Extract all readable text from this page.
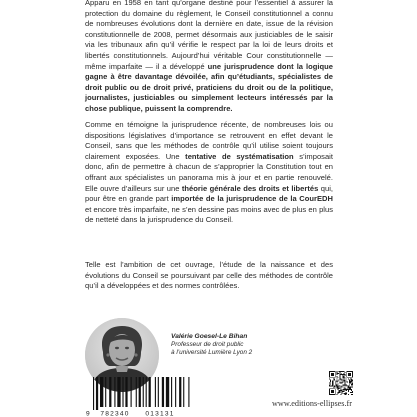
Apparu en 1958 en tant qu’organe destiné pour l’essentiel à assurer la protection du domaine du règlement, le Conseil constitutionnel a connu de nombreuses évolutions dont la dernière en date, issue de la révision constitutionnelle de 2008, permet désormais aux justiciables de le saisir via les tribunaux afin qu’il vérifie le respect par la loi de leurs droits et libertés constitutionnels. Aujourd’hui véritable Cour constitutionnelle — même imparfaite — il a développé une jurisprudence dont la logique gagne à être davantage dévoilée, afin qu’étudiants, spécialistes de droit public ou de droit privé, praticiens du droit ou de la politique, journalistes, justiciables ou simplement lecteurs intéressés par la chose publique, puissent la comprendre.

Comme en témoigne la jurisprudence récente, de nombreuses lois ou dispositions législatives d’importance se retrouvent en effet devant le Conseil, sans que les méthodes de contrôle qu’il utilise soient toujours clairement exposées. Une tentative de systématisation s’imposait donc, afin de permettre à chacun de s’approprier la Constitution tout en offrant aux spécialistes un panorama mis à jour et en partie renouvelé. Elle ouvre d’ailleurs sur une théorie générale des droits et libertés qui, pour être en grande part importée de la jurisprudence de la CourEDH et encore très imparfaite, ne s’en dessine pas moins avec de plus en plus de netteté dans la jurisprudence du Conseil.

Telle est l’ambition de cet ouvrage, l’étude de la naissance et des évolutions du Conseil se poursuivant par celle des méthodes de contrôle qu’il a développées et des normes contrôlées.

Valérie Goesel-Le Bihan

Professeur de droit public
à l’université Lumière Lyon 2

9 782340 013131

www.editions-ellipses.fr
